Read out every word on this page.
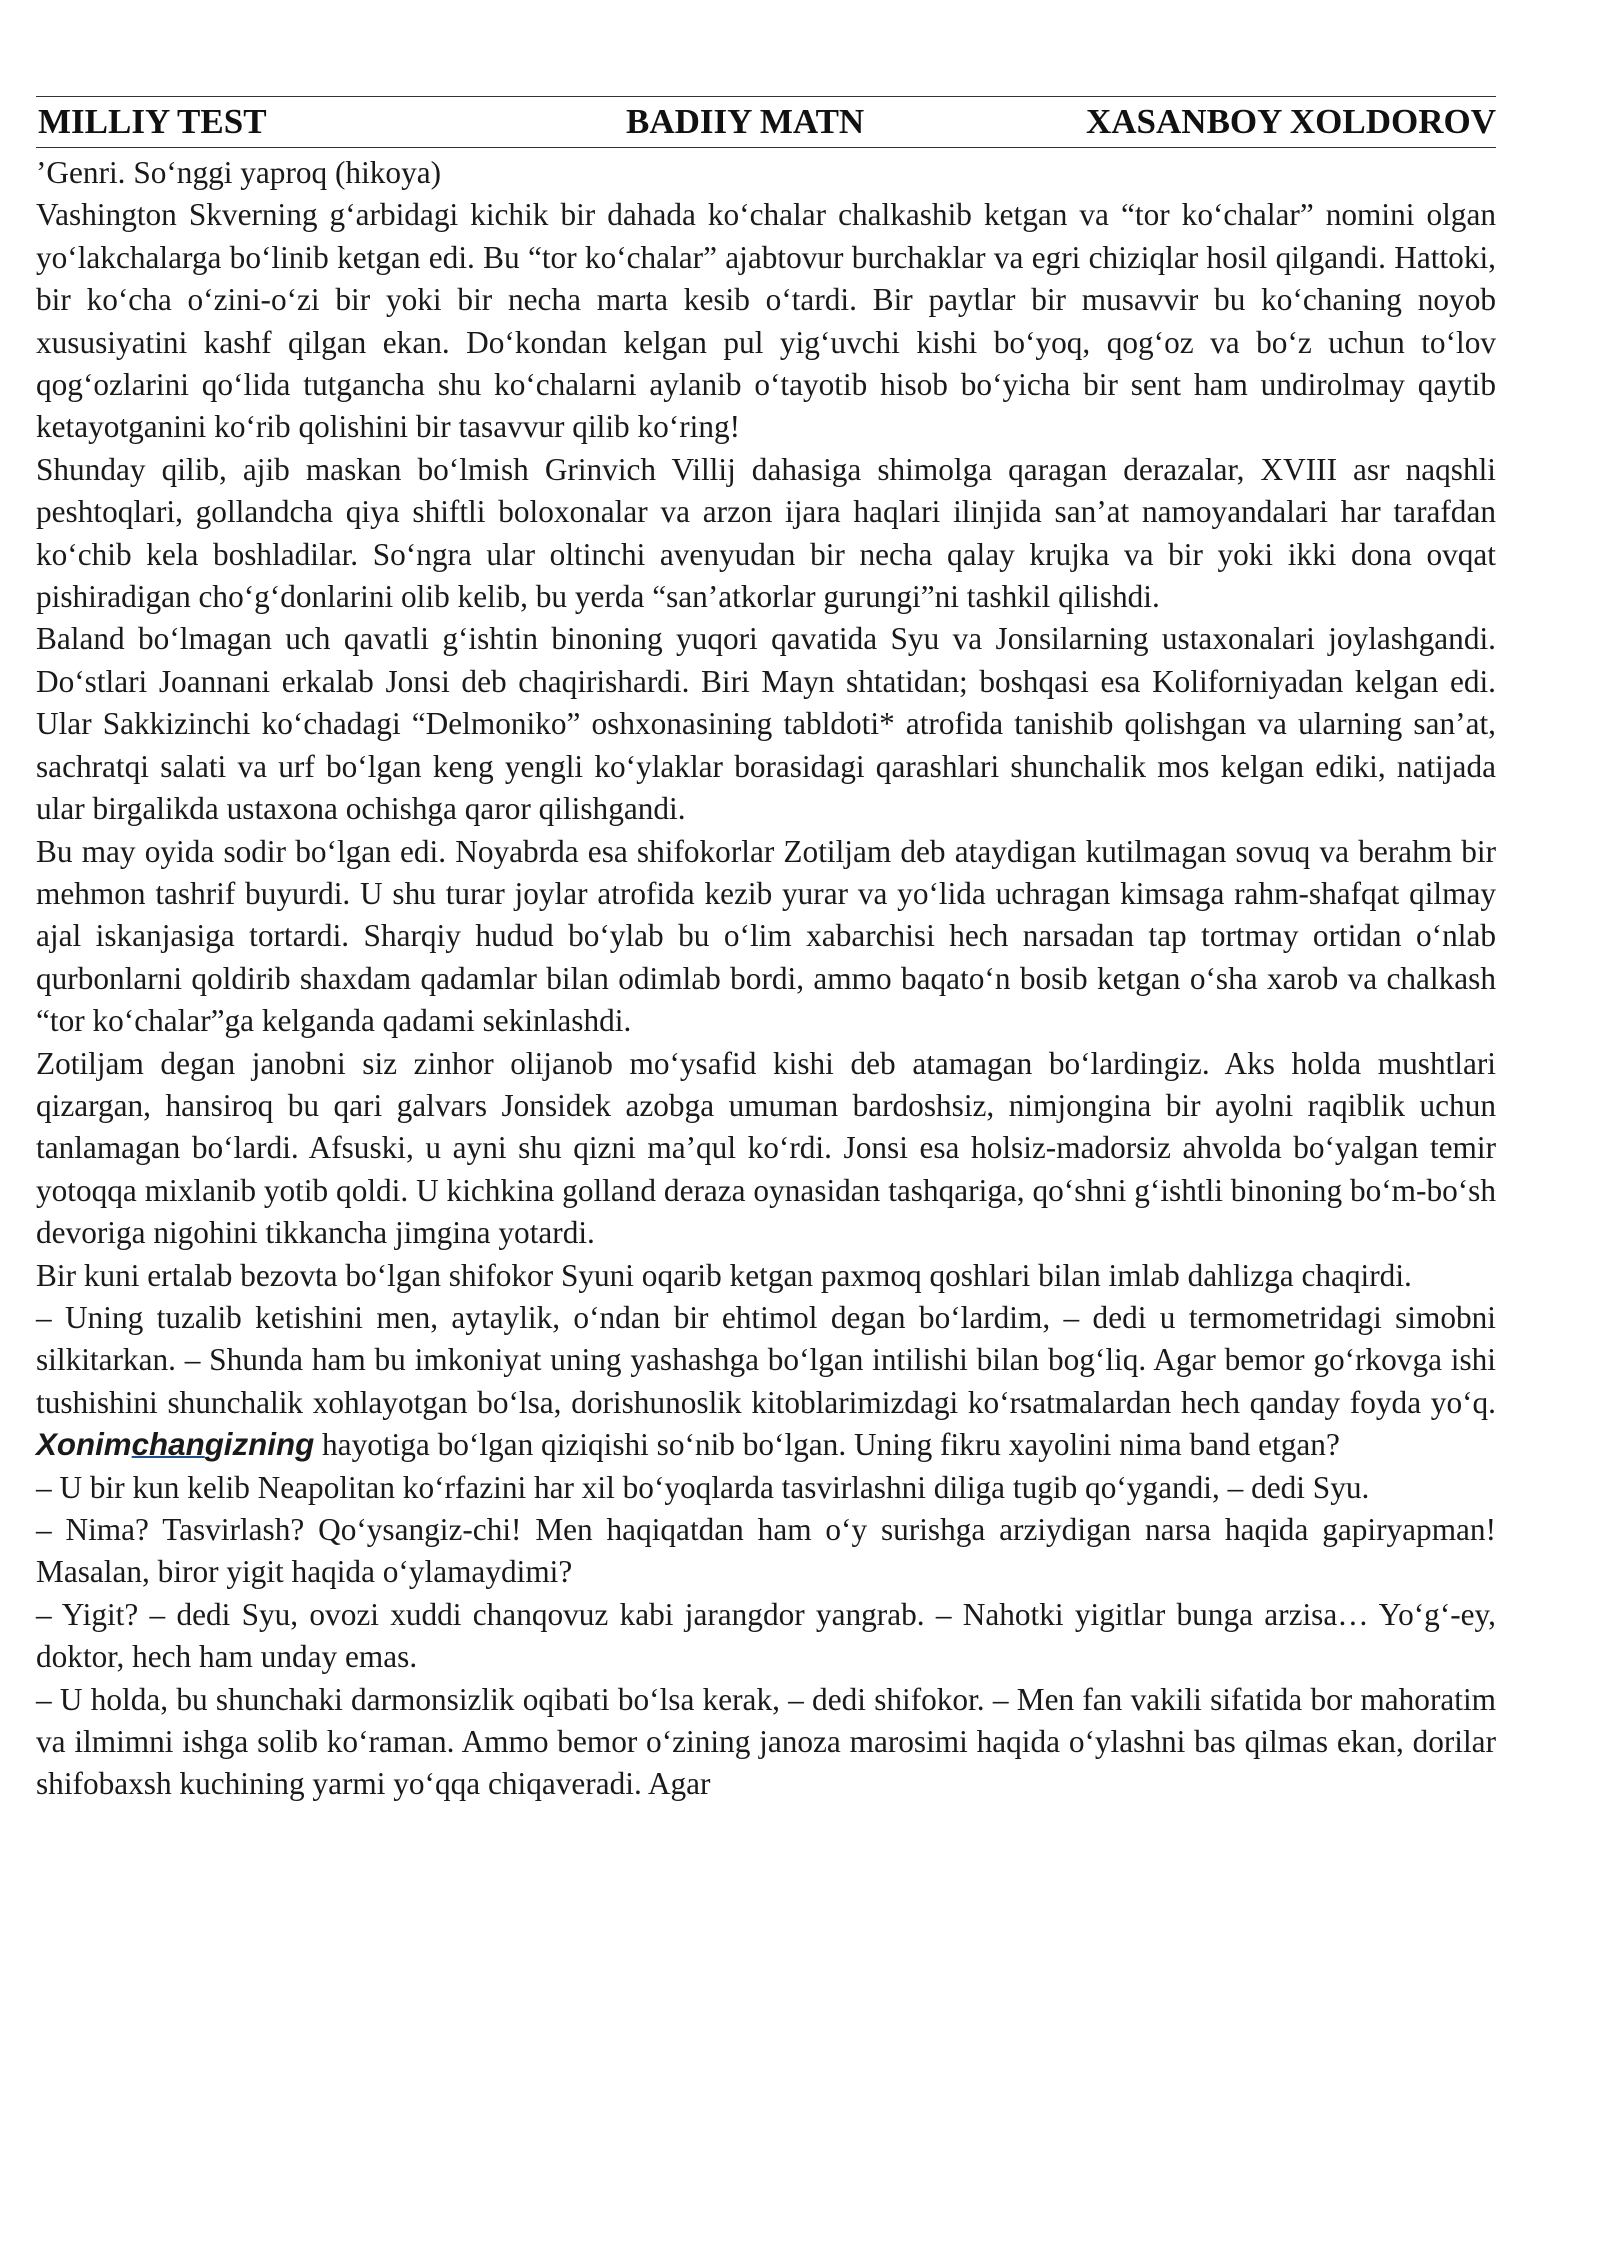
MILLIY TEST	BADIIY MATN	XASANBOY XOLDOROV

’Genri. So‘nggi yaproq (hikoya)

Vashington Skverning g‘arbidagi kichik bir dahada ko‘chalar chalkashib ketgan va “tor ko‘chalar” nomini olgan yo‘lakchalarga bo‘linib ketgan edi. Bu “tor ko‘chalar” ajabtovur burchaklar va egri chiziqlar hosil qilgandi. Hattoki, bir ko‘cha o‘zini-o‘zi bir yoki bir necha marta kesib o‘tardi. Bir paytlar bir musavvir bu ko‘chaning noyob xususiyatini kashf qilgan ekan. Do‘kondan kelgan pul yig‘uvchi kishi bo‘yoq, qog‘oz va bo‘z uchun to‘lov qog‘ozlarini qo‘lida tutgancha shu ko‘chalarni aylanib o‘tayotib hisob bo‘yicha bir sent ham undirolmay qaytib ketayotganini ko‘rib qolishini bir tasavvur qilib ko‘ring!

Shunday qilib, ajib maskan bo‘lmish Grinvich Villij dahasiga shimolga qaragan derazalar, XVIII asr naqshli peshtoqlari, gollandcha qiya shiftli boloxonalar va arzon ijara haqlari ilinjida san’at namoyandalari har tarafdan ko‘chib kela boshladilar. So‘ngra ular oltinchi avenyudan bir necha qalay krujka va bir yoki ikki dona ovqat pishiradigan cho‘g‘donlarini olib kelib, bu yerda “san’atkorlar gurungi”ni tashkil qilishdi.

Baland bo‘lmagan uch qavatli g‘ishtin binoning yuqori qavatida Syu va Jonsilarning ustaxonalari joylashgandi. Do‘stlari Joannani erkalab Jonsi deb chaqirishardi. Biri Mayn shtatidan; boshqasi esa Koliforniyadan kelgan edi. Ular Sakkizinchi ko‘chadagi “Delmoniko” oshxonasining tabldoti* atrofida tanishib qolishgan va ularning san’at, sachratqi salati va urf bo‘lgan keng yengli ko‘ylaklar borasidagi qarashlari shunchalik mos kelgan ediki, natijada ular birgalikda ustaxona ochishga qaror qilishgandi.

Bu may oyida sodir bo‘lgan edi. Noyabrda esa shifokorlar Zotiljam deb ataydigan kutilmagan sovuq va berahm bir mehmon tashrif buyurdi. U shu turar joylar atrofida kezib yurar va yo‘lida uchragan kimsaga rahm-shafqat qilmay ajal iskanjasiga tortardi. Sharqiy hudud bo‘ylab bu o‘lim xabarchisi hech narsadan tap tortmay ortidan o‘nlab qurbonlarni qoldirib shaxdam qadamlar bilan odimlab bordi, ammo baqato‘n bosib ketgan o‘sha xarob va chalkash “tor ko‘chalar”ga kelganda qadami sekinlashdi.

Zotiljam degan janobni siz zinhor olijanob mo‘ysafid kishi deb atamagan bo‘lardingiz. Aks holda mushtlari qizargan, hansiroq bu qari galvars Jonsidek azobga umuman bardoshsiz, nimjongina bir ayolni raqiblik uchun tanlamagan bo‘lardi. Afsuski, u ayni shu qizni ma’qul ko‘rdi. Jonsi esa holsiz-madorsiz ahvolda bo‘yalgan temir yotoqqa mixlanib yotib qoldi. U kichkina golland deraza oynasidan tashqariga, qo‘shni g‘ishtli binoning bo‘m-bo‘sh devoriga nigohini tikkancha jimgina yotardi.

Bir kuni ertalab bezovta bo‘lgan shifokor Syuni oqarib ketgan paxmoq qoshlari bilan imlab dahlizga chaqirdi.

– Uning tuzalib ketishini men, aytaylik, o‘ndan bir ehtimol degan bo‘lardim, – dedi u termometridagi simobni silkitarkan. – Shunda ham bu imkoniyat uning yashashga bo‘lgan intilishi bilan bog‘liq. Agar bemor go‘rkovga ishi tushishini shunchalik xohlayotgan bo‘lsa, dorishunoslik kitoblarimizdagi ko‘rsatmalardan hech qanday foyda yo‘q. Xonimchangizning hayotiga bo‘lgan qiziqishi so‘nib bo‘lgan. Uning fikru xayolini nima band etgan?

– U bir kun kelib Neapolitan ko‘rfazini har xil bo‘yoqlarda tasvirlashni diliga tugib qo‘ygandi, – dedi Syu.

– Nima? Tasvirlash? Qo‘ysangiz-chi! Men haqiqatdan ham o‘y surishga arziydigan narsa haqida gapiryapman! Masalan, biror yigit haqida o‘ylamaydimi?

– Yigit? – dedi Syu, ovozi xuddi chanqovuz kabi jarangdor yangrab. – Nahotki yigitlar bunga arzisa… Yo‘g‘-ey, doktor, hech ham unday emas.

– U holda, bu shunchaki darmonsizlik oqibati bo‘lsa kerak, – dedi shifokor. – Men fan vakili sifatida bor mahoratim va ilmimni ishga solib ko‘raman. Ammo bemor o‘zining janoza marosimi haqida o‘ylashni bas qilmas ekan, dorilar shifobaxsh kuchining yarmi yo‘qqa chiqaveradi. Agar
